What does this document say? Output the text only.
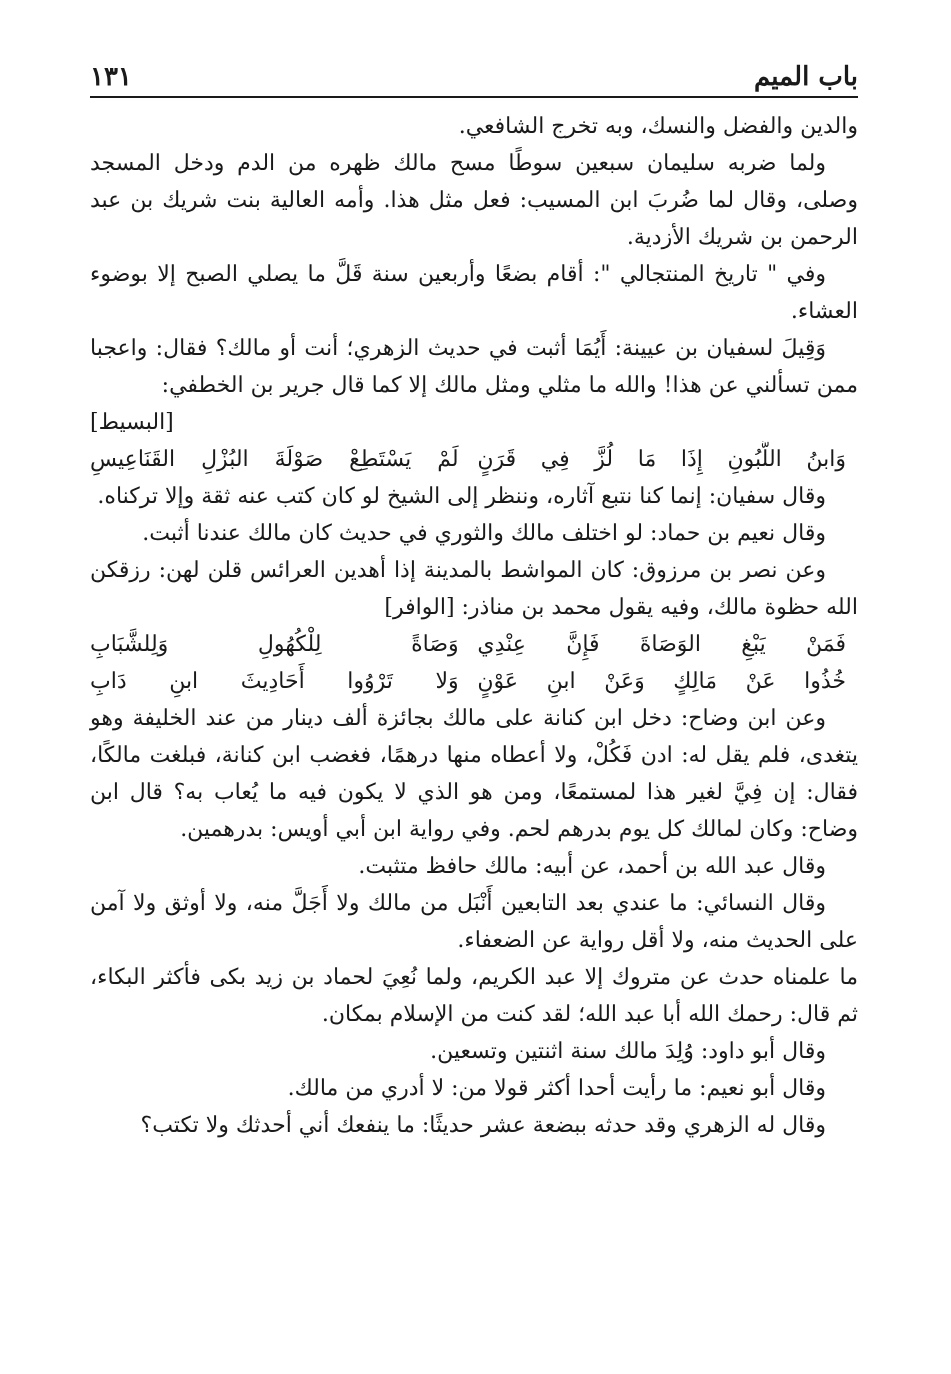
باب الميم
١٣١

والدين والفضل والنسك، وبه تخرج الشافعي.

ولما ضربه سليمان سبعين سوطًا مسح مالك ظهره من الدم ودخل المسجد وصلى، وقال لما ضُربَ ابن المسيب: فعل مثل هذا. وأمه العالية بنت شريك بن عبد الرحمن بن شريك الأزدية.

وفي " تاريخ المنتجالي ": أقام بضعًا وأربعين سنة قَلَّ ما يصلي الصبح إلا بوضوء العشاء.

وَقِيلَ لسفيان بن عيينة: أَيُمَا أثبت في حديث الزهري؛ أنت أو مالك؟ فقال: واعجبا ممن تسألني عن هذا! والله ما مثلي ومثل مالك إلا كما قال جرير بن الخطفي:

[البسيط]

وَابنُ اللَّبُونِ إِذَا مَا لُزَّ فِي قَرَنٍ
لَمْ يَسْتَطِعْ صَوْلَةَ البُزْلِ القَنَاعِيسِ

وقال سفيان: إنما كنا نتبع آثاره، وننظر إلى الشيخ لو كان كتب عنه ثقة وإلا تركناه.

وقال نعيم بن حماد: لو اختلف مالك والثوري في حديث كان مالك عندنا أثبت.

وعن نصر بن مرزوق: كان المواشط بالمدينة إذا أهدين العرائس قلن لهن: رزقكن الله حظوة مالك، وفيه يقول محمد بن مناذر: [الوافر]

فَمَنْ يَبْغِ الوَصَاةَ فَإِنَّ عِنْدِي
وَصَاةً لِلْكُهُولِ وَلِلشَّبَابِ
خُذُوا عَنْ مَالِكٍ وَعَنْ ابنِ عَوْنٍ
وَلا تَرْوُوا أَحَادِيثَ ابنِ دَابِ

وعن ابن وضاح: دخل ابن كنانة على مالك بجائزة ألف دينار من عند الخليفة وهو يتغدى، فلم يقل له: ادن فَكُلْ، ولا أعطاه منها درهمًا، فغضب ابن كنانة، فبلغت مالكًا، فقال: إن فِيَّ لغير هذا لمستمعًا، ومن هو الذي لا يكون فيه ما يُعاب به؟ قال ابن وضاح: وكان لمالك كل يوم بدرهم لحم. وفي رواية ابن أبي أويس: بدرهمين.

وقال عبد الله بن أحمد، عن أبيه: مالك حافظ متثبت.

وقال النسائي: ما عندي بعد التابعين أَنْبَل من مالك ولا أَجَلَّ منه، ولا أوثق ولا آمن على الحديث منه، ولا أقل رواية عن الضعفاء.

ما علمناه حدث عن متروك إلا عبد الكريم، ولما نُعِيَ لحماد بن زيد بكى فأكثر البكاء، ثم قال: رحمك الله أبا عبد الله؛ لقد كنت من الإسلام بمكان.

وقال أبو داود: وُلِدَ مالك سنة اثنتين وتسعين.

وقال أبو نعيم: ما رأيت أحدا أكثر قولا من: لا أدري من مالك.

وقال له الزهري وقد حدثه ببضعة عشر حديثًا: ما ينفعك أني أحدثك ولا تكتب؟
